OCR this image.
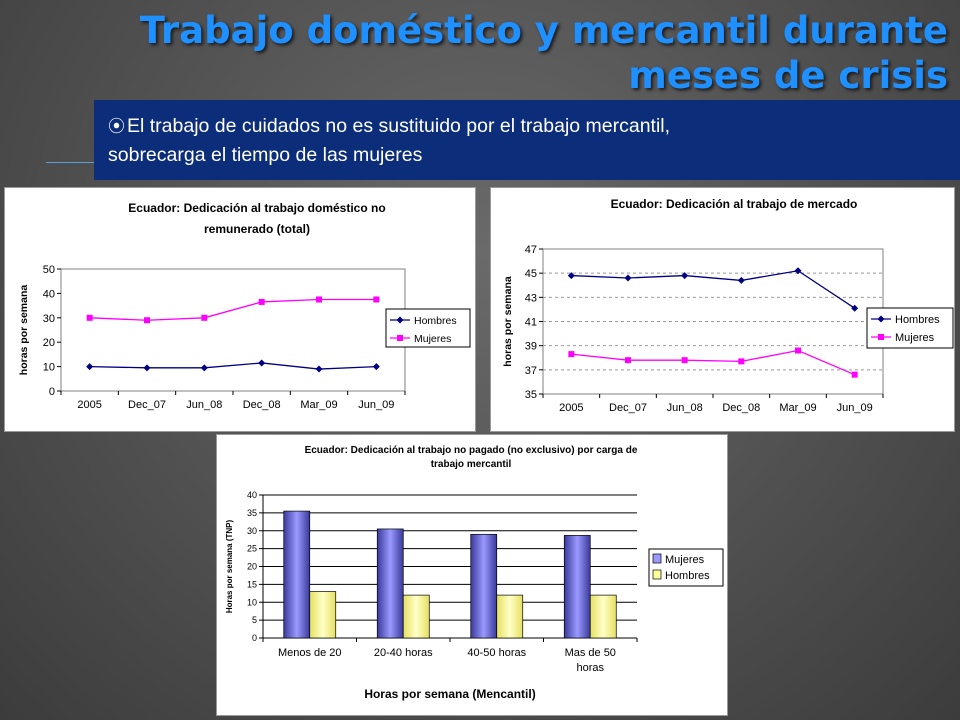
Trabajo doméstico y mercantil durante
meses de crisis
⦿ El trabajo de cuidados no es sustituido por el trabajo mercantil,
sobrecarga el tiempo de las mujeres
Ecuador: Dedicación al trabajo doméstico no
remunerado (total)
0
10
20
30
40
50
2005 Dec_07 Jun_08 Dec_08 Mar_09 Jun_09
horas por semana	Hombres
Mujeres
Ecuador: Dedicación al trabajo de mercado
35
37
39
41
43
45
47
2005 Dec_07 Jun_08 Dec_08 Mar_09 Jun_09
horas por semana	Hombres
Mujeres
Ecuador: Dedicación al trabajo no pagado (no exclusivo) por carga de
trabajo mercantil
0
5
10
15
20
25
30
35
40
Menos de 20	20-40 horas	40-50 horas	Mas de 50
horas
Horas por semana (Mencantil)
Horas por semana (TNP)	Mujeres
Hombres
